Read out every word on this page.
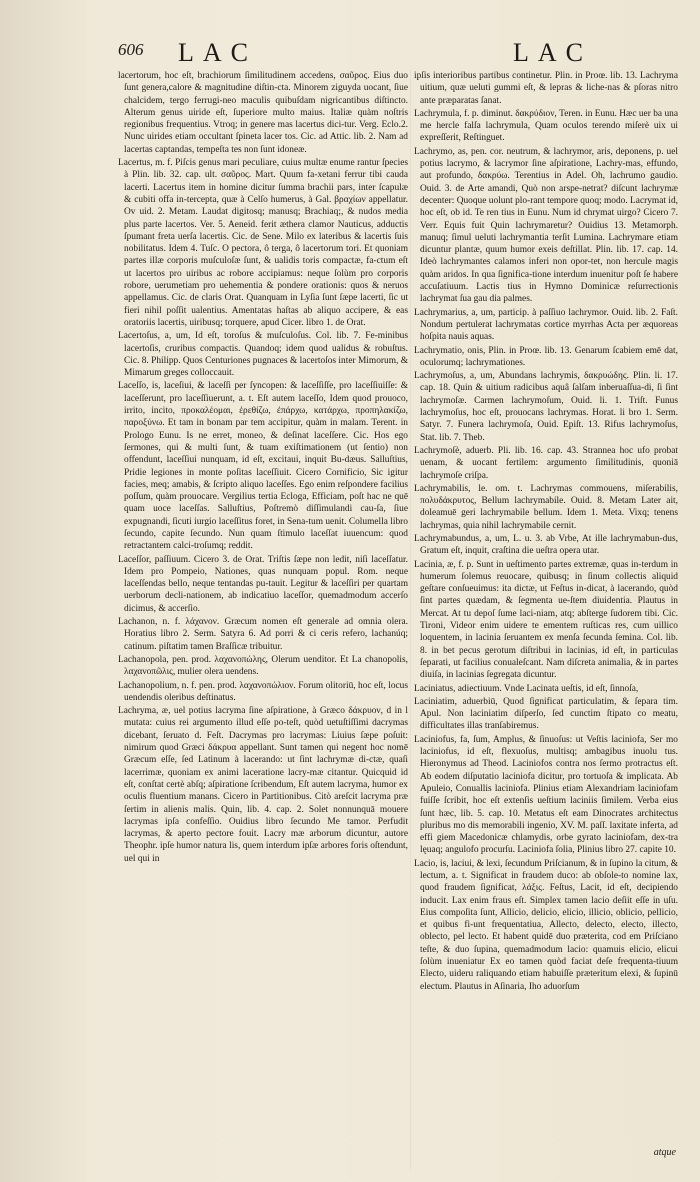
606 LAC	LAC

lacertorum, hoc eſt, brachiorum ſimilitudinem accedens, σαῦρος. Eius duo ſunt genera,calore & magnitudine diſtin-cta. Minorem ziguyda uocant, ſiue chalcidem, tergo ferrugi-neo maculis quibuſdam nigricantibus diſtincto. Alterum genus uiride eſt, ſuperiore multo maius. Italiæ quàm noſtris regionibus frequentius. Vtroq; in genere mas lacertus dici-tur. Verg. Eclo.2. Nunc uirides etiam occultant ſpineta lacer tos. Cic. ad Attic. lib. 2. Nam ad lacertas captandas, tempeſta tes non ſunt idoneæ.

Lacertus, m. f. Piſcis genus mari peculiare, cuius multæ enume rantur ſpecies à Plin. lib. 32. cap. ult. σαῦρος. Mart. Quum fa-xetani ferrur tibi cauda lacerti. Lacertus item in homine dicitur ſumma brachii pars, inter ſcapulæ & cubiti offa in-tercepta, quæ à Celſo humerus, à Gal. βραχίων appellatur. Ov uid. 2. Metam. Laudat digitosq; manusq; Brachiaq;, & nudos media plus parte lacertos. Ver. 5. Aeneid. ferit æthera clamor Nauticus, adductis ſpumant freta uerſa lacertis. Cic. de Sene. Milo ex lateribus & lacertis ſuis nobilitatus. Idem 4. Tuſc. O pectora, ô terga, ô lacertorum tori. Et quoniam partes illæ corporis muſculoſæ ſunt, & ualidis toris compactæ, fa-ctum eſt ut lacertos pro uiribus ac robore accipiamus: neque ſolùm pro corporis robore, uerumetiam pro uehementia & pondere orationis: quos & neruos appellamus. Cic. de claris Orat. Quanquam in Lyſia ſunt ſæpe lacerti, ſic ut fieri nihil poſſit ualentius. Amentatas haſtas ab aliquo accipere, & eas oratoriis lacertis, uiribusq; torquere, apud Cicer. libro 1. de Orat.

Lacertoſus, a, um, Id eſt, toroſus & muſculoſus. Col. lib. 7. Fe-minibus lacertoſis, cruribus compactis. Quandoq; idem quod ualidus & robuſtus. Cic. 8. Philipp. Quos Centuriones pugnaces & lacertoſos inter Mimorum, & Mimarum greges colloccauit.

Laceſſo, is, laceſiui, & laceſſi per ſyncopen: & laceſſiſſe, pro laceſſiuiſſe: & laceſſerunt, pro laceſſiuerunt, a. t. Eſt autem laceſſo, Idem quod prouoco, irrito, incito, προκαλέομαι, ἐρεθίζω, ἐπάρχω, κατάρχω, προπηλακίζω, παροξύνω. Et tam in bonam par tem accipitur, quàm in malam. Terent. in Prologo Eunu. Is ne erret, moneo, & deſinat laceſſere. Cic. Hos ego ſermones, qui & multi ſunt, & tuam exiſtimationem (ut ſentio) non offendunt, laceſſiui nunquam, id eſt, excitaui, inquit Bu-dæus. Salluſtius, Pridie legiones in monte poſitas laceſſiuit. Cicero Cornificio, Sic igitur facies, meq; amabis, & ſcripto aliquo laceſſes. Ego enim reſpondere facilius poſſum, quàm prouocare. Vergilius tertia Ecloga, Efficiam, poſt hac ne quē quam uoce laceſſas. Salluſtius, Poſtremò diſſimulandi cau-ſa, ſiue expugnandi, ſicuti iurgio laceſſitus foret, in Sena-tum uenit. Columella libro ſecundo, capite ſecundo. Nun quam ſtimulo laceſſat iuuencum: quod retractantem calci-troſumq; reddit.

Laceſſor, paſſiuum. Cicero 3. de Orat. Triſtis ſæpe non ledit, niſi laceſſatur. Idem pro Pompeio, Nationes, quas nunquam popul. Rom. neque laceſſendas bello, neque tentandas pu-tauit. Legitur & laceſſiri per quartam uerborum decli-nationem, ab indicatiuo laceſſor, quemadmodum accerſo dicimus, & accerſio.

Lachanon, n. f. λάχανον. Græcum nomen eſt generale ad omnia olera. Horatius libro 2. Serm. Satyra 6. Ad porri & ci ceris refero, lachanúq; catinum. piſtatim tamen Braſſicæ tribuitur.

Lachanopola, pen. prod. λαχανοπώλης, Olerum uenditor. Et La chanopolis, λαχανοπῶλις, mulier olera uendens.

Lachanopolium, n. f. pen. prod. λαχανοπώλιον. Forum olitoriū, hoc eſt, locus uendendis oleribus deſtinatus.

Lachryma, æ, uel potius lacryma ſine aſpiratione, à Græco δάκρυον, d in l mutata: cuius rei argumento illud eſſe po-teſt, quòd uetuſtiſſimi dacrymas dicebant, ſeruato d. Feſt. Dacrymas pro lacrymas: Liuius ſæpe poſuit: nimirum quod Græci δάκρυα appellant. Sunt tamen qui negent hoc nomē Græcum eſſe, ſed Latinum à lacerando: ut ſint lachrymæ di-ctæ, quaſi lacerrimæ, quoniam ex animi laceratione lacry-mæ citantur. Quicquid id eſt, conſtat certè abſq; aſpiratione ſcribendum, Eſt autem lacryma, humor ex oculis fluentium manans. Cicero in Partitionibus. Citò areſcit lacryma præ ſertim in alienis malis. Quin, lib. 4. cap. 2. Solet nonnunquā mouere lacrymas ipſa confeſſio. Ouidius libro ſecundo Me tamor. Perfudit lacrymas, & aperto pectore fouit. Lacry mæ arborum dicuntur, autore Theophr. ipſe humor natura lis, quem interdum ipſæ arbores foris oſtendunt, uel qui in

ipſis interioribus partibus continetur. Plin. in Proœ. lib. 13. Lachryma uitium, quæ ueluti gummi eſt, & lepras & liche-nas & pſoras nitro ante præparatas ſanat.

Lachrymula, f. p. diminut. δακρύδιον, Teren. in Eunu. Hæc uer ba una me hercle falſa lachrymula, Quam oculos terendo miſerè uix ui expreſſerit, Reſtinguet.

Lachrymo, as, pen. cor. neutrum, & lachrymor, aris, deponens, p. uel potius lacrymo, & lacrymor ſine aſpiratione, Lachry-mas, effundo, aut profundo, δακρύω. Terentius in Adel. Oh, lachrumo gaudio. Ouid. 3. de Arte amandi, Quò non arspe-netrat? diſcunt lachrymæ decenter: Quoque uolunt plo-rant tempore quoq; modo. Lacrymat id, hoc eſt, ob id. Te ren tius in Eunu. Num id chrymat uirgo? Cicero 7. Verr. Equis fuit Quin lachrymaretur? Ouidius 13. Metamorph. manuq; ſimul ueluti lachrymantia terſit Lumina. Lachrymare etiam dicuntur plantæ, quum humor exeis deſtillat. Plin. lib. 17. cap. 14. Ideò lachrymantes calamos inferi non opor-tet, non hercule magis quàm aridos. In qua ſignifica-tione interdum inuenitur poſt ſe habere accuſatiuum. Lactis tius in Hymno Dominicæ reſurrectionis lachrymat ſua gau dia palmes.

Lachrymarius, a, um, particip. à paſſiuo lachrymor. Ouid. lib. 2. Faſt. Nondum pertulerat lachrymatas cortice myrrhas Acta per æquoreas hoſpita nauis aquas.

Lachrymatio, onis, Plin. in Proœ. lib. 13. Genarum ſcabiem emē dat, oculorumq; lachrymationes.

Lachrymoſus, a, um, Abundans lachrymis, δακρυώδης. Plin. li. 17. cap. 18. Quin & uitium radicibus aquâ ſalſam inberuaſſua-di, ſi ſint lachrymoſæ. Carmen lachrymoſum, Ouid. li. 1. Triſt. Funus lachrymoſus, hoc eſt, prouocans lachrymas. Horat. li bro 1. Serm. Satyr. 7. Funera lachrymoſa, Ouid. Epiſt. 13. Rifus lachrymoſus, Stat. lib. 7. Theb.

Lachrymoſè, aduerb. Pli. lib. 16. cap. 43. Strannea hoc ufo probat uenam, & uocant fertilem: argumento ſimilitudinis, quoniā lachrymoſe criſpa.

Lachrymabilis, le. om. t. Lachrymas commouens, miſerabilis, πολυδάκρυτος, Bellum lachrymabile. Ouid. 8. Metam Later ait, doleamuē geri lachrymabile bellum. Idem 1. Meta. Vixq; tenens lachrymas, quia nihil lachrymabile cernit.

Lachrymabundus, a, um, L. u. 3. ab Vrbe, At ille lachrymabun-dus, Gratum eſt, inquit, craſtina die ueſtra opera utar.

Lacinia, æ, f. p. Sunt in ueſtimento partes extremæ, quas in-terdum in humerum ſolemus reuocare, quibusq; in ſinum collectis aliquid geſtare conſueuimus: ita dictæ, ut Feſtus in-dicat, à lacerando, quòd ſint partes quædam, & ſegmenta ue-ſtem diuidentia. Plautus in Mercat. At tu depoſ ſume laci-niam, atq; abſterge ſudorem tibi. Cic. Tironi, Videor enim uidere te ementem ruſticas res, cum uillico loquentem, in lacinia ſeruantem ex menſa ſecunda ſemina. Col. lib. 8. in bet pecus gerotum diſtribui in lacinias, id eſt, in particulas ſeparati, ut facilius conualeſcant. Nam diſcreta animalia, & in partes diuiſa, in lacinias ſegregata dicuntur.

Laciniatus, adiectiuum. Vnde Lacinata ueſtis, id eſt, ſinnoſa,

Laciniatim, aduerbiū, Quod ſignificat particulatim, & ſepara tim. Apul. Non laciniatim diſperſo, ſed cunctim ſtipato co meatu, difficultates illas tranſabiremus.

Laciniofus, fa, ſum, Amplus, & ſinuoſus: ut Veſtis laciniofa, Ser mo laciniofus, id eſt, flexuoſus, multisq; ambagibus inuolu tus. Hieronymus ad Theod. Laciniofos contra nos ſermo protractus eſt. Ab eodem diſputatio laciniofa dicitur, pro tortuoſa & implicata. Ab Apuleio, Conuallis laciniofa. Plinius etiam Alexandriam laciniofam fuiſſe ſcribit, hoc eſt extenſis ueſtium laciniis ſimilem. Verba eius ſunt hæc, lib. 5. cap. 10. Metatus eſt eam Dinocrates architectus pluribus mo dis memorabili ingenio, XV. M. paſſ. laxitate inferta, ad effi giem Macedonicæ chlamydis, orbe gyrato laciniofam, dex-tra lęuaq; angulofo procurſu. Laciniofa ſolia, Plinius libro 27. capite 10.

Lacio, is, laciui, & lexi, ſecundum Priſcianum, & in ſupino la citum, & lectum, a. t. Significat in fraudem duco: ab obſole-to nomine lax, quod fraudem ſignificat, λάξις. Feſtus, Lacit, id eſt, decipiendo inducit. Lax enim fraus eſt. Simplex tamen lacio deſiit eſſe in uſu. Eius compoſita ſunt, Allicio, delicio, elicio, illicio, oblicio, pellicio, et quibus fi-unt frequentatiua, Allecto, delecto, electo, illecto, oblecto, pel lecto. Et habent quidē duo præterita, cod em Priſciano teſte, & duo ſupina, quemadmodum lacio: quamuis elicio, elicui ſolùm inueniatur Ex eo tamen quòd faciat deſe frequenta-tiuum Electo, uideru raliquando etiam habuiſſe præteritum elexi, & ſupinū electum. Plautus in Aſinaria, Iho aduorſum

atque
